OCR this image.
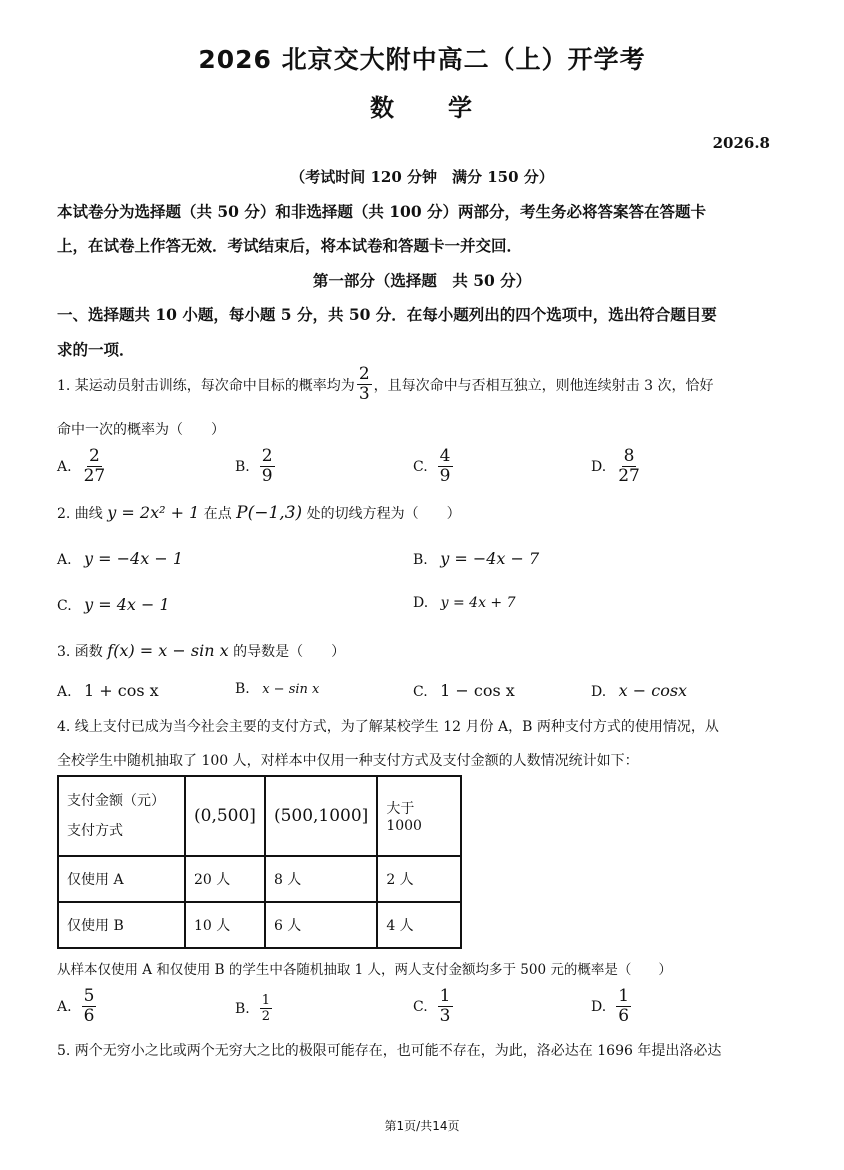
2026 北京交大附中高二（上）开学考
数　　学
2026.8
（考试时间 120 分钟　满分 150 分）
本试卷分为选择题（共 50 分）和非选择题（共 100 分）两部分，考生务必将答案答在答题卡
上，在试卷上作答无效．考试结束后，将本试卷和答题卡一并交回．
第一部分（选择题　共 50 分）
一、选择题共 10 小题，每小题 5 分，共 50 分．在每小题列出的四个选项中，选出符合题目要
求的一项．
1. 某运动员射击训练，每次命中目标的概率均为 $\frac{2}{3}$ ，且每次命中与否相互独立，则他连续射击 3 次，恰好
命中一次的概率为（　　）
A. $\frac{2}{27}$	B. $\frac{2}{9}$	C. $\frac{4}{9}$	D. $\frac{8}{27}$
2. 曲线 y = 2x² + 1 在点 P(−1,3) 处的切线方程为（　　）
A. y = −4x − 1	B. y = −4x − 7
C. y = 4x − 1	D. y = 4x + 7
3. 函数 f(x) = x − sin x 的导数是（　　）
A. 1 + cos x	B. x − sin x	C. 1 − cos x	D. x − cosx
4. 线上支付已成为当今社会主要的支付方式，为了解某校学生 12 月份 A，B 两种支付方式的使用情况，从
全校学生中随机抽取了 100 人，对样本中仅用一种支付方式及支付金额的人数情况统计如下：
支付金额（元）
支付方式	(0,500]	(500,1000]	大于 1000
仅使用 A	20 人	8 人	2 人
仅使用 B	10 人	6 人	4 人
从样本仅使用 A 和仅使用 B 的学生中各随机抽取 1 人，两人支付金额均多于 500 元的概率是（　　）
A. $\frac{5}{6}$	B. $\frac{1}{2}$	C. $\frac{1}{3}$	D. $\frac{1}{6}$
5. 两个无穷小之比或两个无穷大之比的极限可能存在，也可能不存在，为此，洛必达在 1696 年提出洛必达
第1页/共14页
